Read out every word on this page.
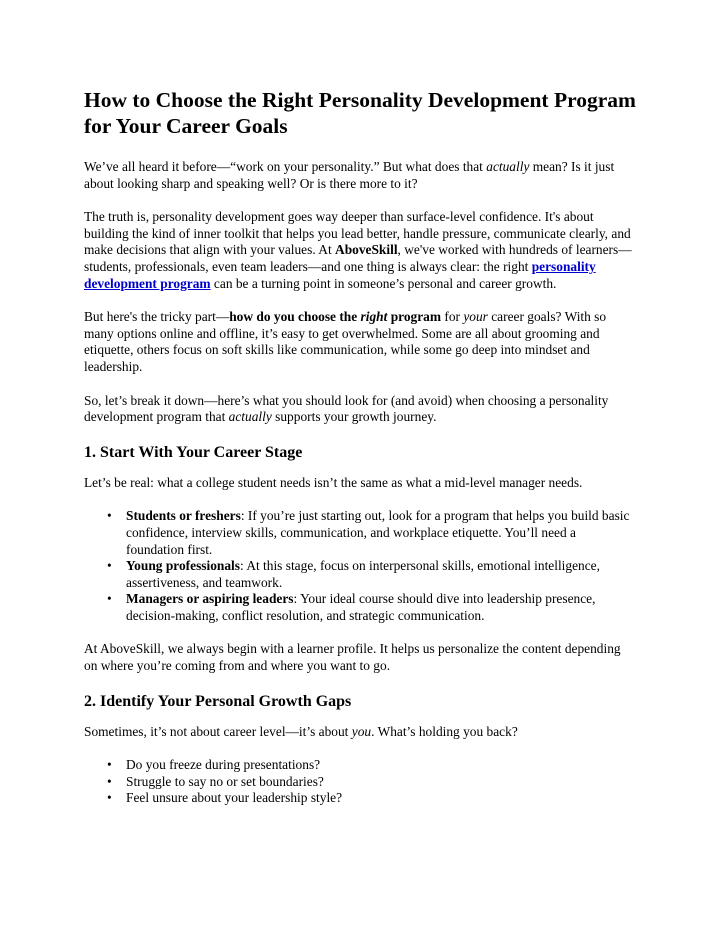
How to Choose the Right Personality Development Program for Your Career Goals

We’ve all heard it before—“work on your personality.” But what does that actually mean? Is it just about looking sharp and speaking well? Or is there more to it?

The truth is, personality development goes way deeper than surface-level confidence. It's about building the kind of inner toolkit that helps you lead better, handle pressure, communicate clearly, and make decisions that align with your values. At AboveSkill, we've worked with hundreds of learners—students, professionals, even team leaders—and one thing is always clear: the right personality development program can be a turning point in someone’s personal and career growth.

But here's the tricky part—how do you choose the right program for your career goals? With so many options online and offline, it’s easy to get overwhelmed. Some are all about grooming and etiquette, others focus on soft skills like communication, while some go deep into mindset and leadership.

So, let’s break it down—here’s what you should look for (and avoid) when choosing a personality development program that actually supports your growth journey.

1. Start With Your Career Stage

Let’s be real: what a college student needs isn’t the same as what a mid-level manager needs.

• Students or freshers: If you’re just starting out, look for a program that helps you build basic confidence, interview skills, communication, and workplace etiquette. You’ll need a foundation first.
• Young professionals: At this stage, focus on interpersonal skills, emotional intelligence, assertiveness, and teamwork.
• Managers or aspiring leaders: Your ideal course should dive into leadership presence, decision-making, conflict resolution, and strategic communication.

At AboveSkill, we always begin with a learner profile. It helps us personalize the content depending on where you’re coming from and where you want to go.

2. Identify Your Personal Growth Gaps

Sometimes, it’s not about career level—it’s about you. What’s holding you back?

• Do you freeze during presentations?
• Struggle to say no or set boundaries?
• Feel unsure about your leadership style?
